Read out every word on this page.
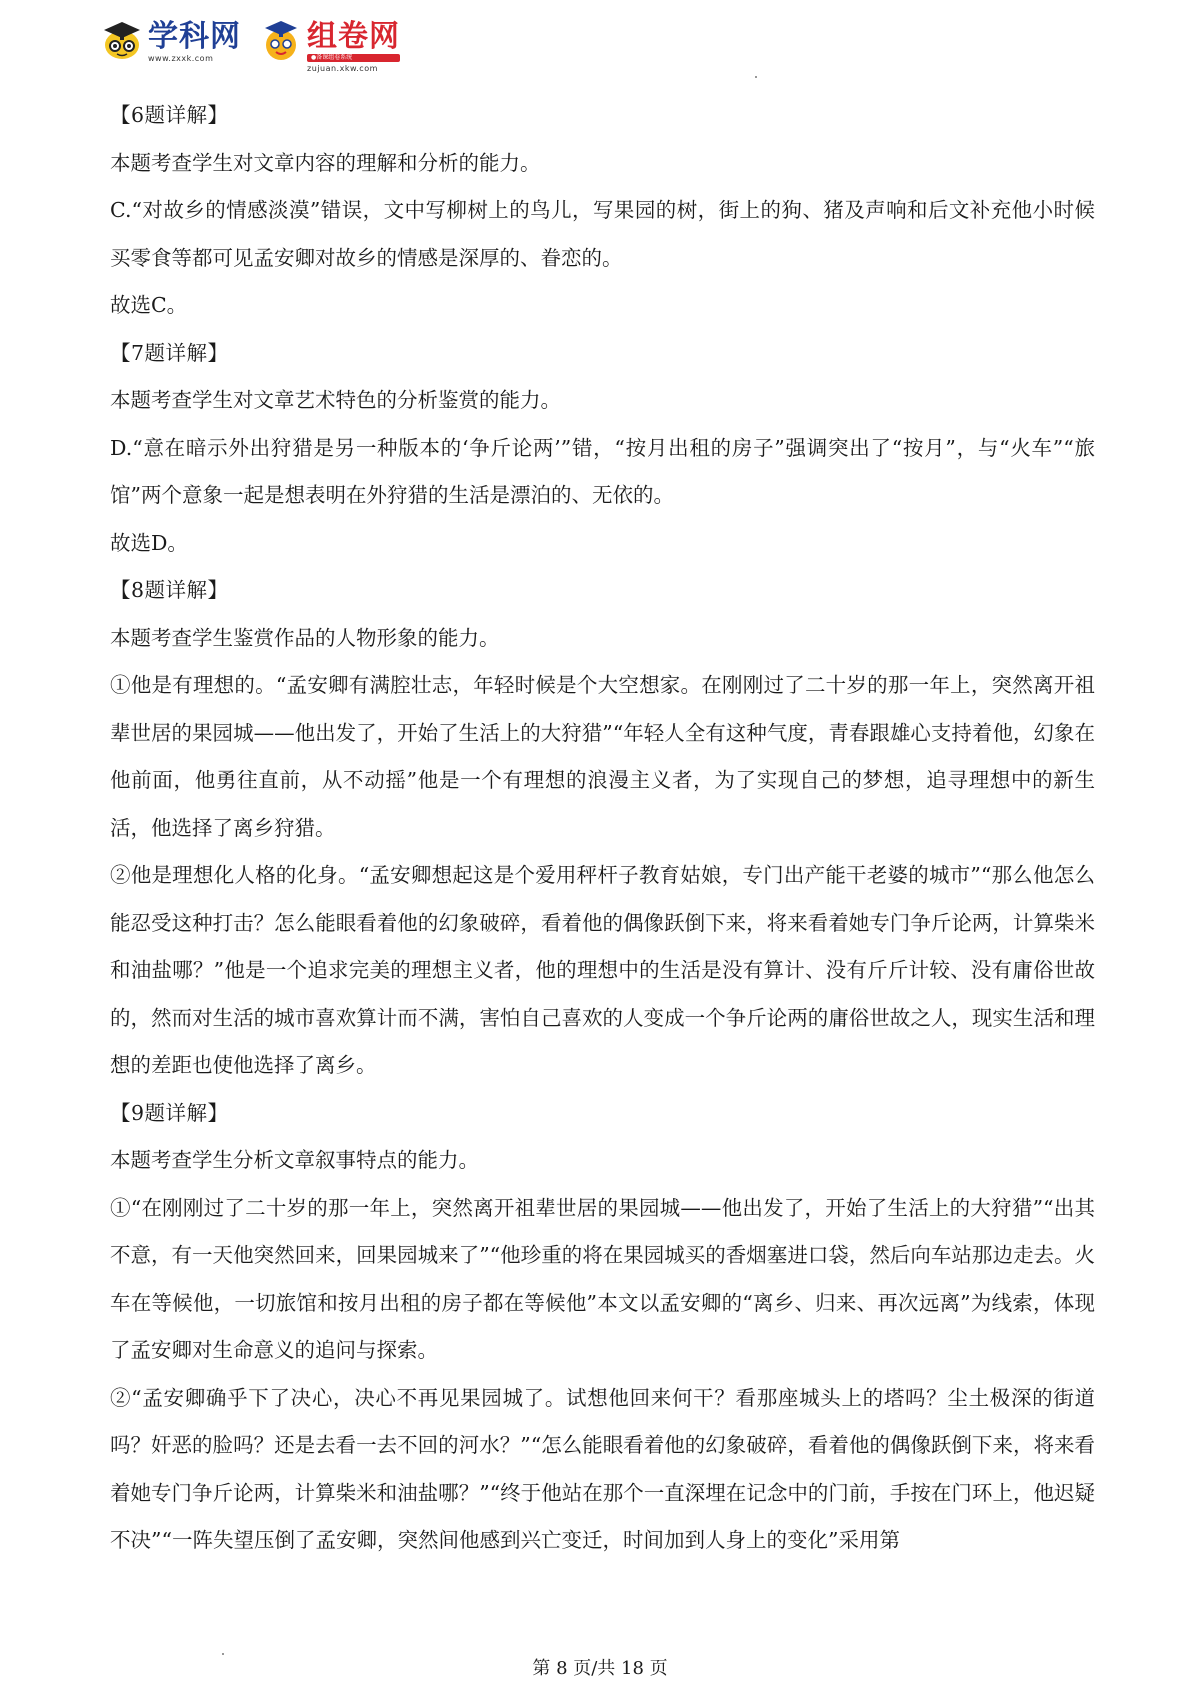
学科网
www.zxxk.com
组卷网
●备课组卷系统
zujuan.xkw.com

【6题详解】

本题考查学生对文章内容的理解和分析的能力。

C.“对故乡的情感淡漠”错误，文中写柳树上的鸟儿，写果园的树，街上的狗、猪及声响和后文补充他小时候买零食等都可见孟安卿对故乡的情感是深厚的、眷恋的。

故选C。

【7题详解】

本题考查学生对文章艺术特色的分析鉴赏的能力。

D.“意在暗示外出狩猎是另一种版本的‘争斤论两’”错，“按月出租的房子”强调突出了“按月”，与“火车”“旅馆”两个意象一起是想表明在外狩猎的生活是漂泊的、无依的。

故选D。

【8题详解】

本题考查学生鉴赏作品的人物形象的能力。

①他是有理想的。“孟安卿有满腔壮志，年轻时候是个大空想家。在刚刚过了二十岁的那一年上，突然离开祖辈世居的果园城——他出发了，开始了生活上的大狩猎”“年轻人全有这种气度，青春跟雄心支持着他，幻象在他前面，他勇往直前，从不动摇”他是一个有理想的浪漫主义者，为了实现自己的梦想，追寻理想中的新生活，他选择了离乡狩猎。

②他是理想化人格的化身。“孟安卿想起这是个爱用秤杆子教育姑娘，专门出产能干老婆的城市”“那么他怎么能忍受这种打击？怎么能眼看着他的幻象破碎，看着他的偶像跃倒下来，将来看着她专门争斤论两，计算柴米和油盐哪？”他是一个追求完美的理想主义者，他的理想中的生活是没有算计、没有斤斤计较、没有庸俗世故的，然而对生活的城市喜欢算计而不满，害怕自己喜欢的人变成一个争斤论两的庸俗世故之人，现实生活和理想的差距也使他选择了离乡。

【9题详解】

本题考查学生分析文章叙事特点的能力。

①“在刚刚过了二十岁的那一年上，突然离开祖辈世居的果园城——他出发了，开始了生活上的大狩猎”“出其不意，有一天他突然回来，回果园城来了”“他珍重的将在果园城买的香烟塞进口袋，然后向车站那边走去。火车在等候他，一切旅馆和按月出租的房子都在等候他”本文以孟安卿的“离乡、归来、再次远离”为线索，体现了孟安卿对生命意义的追问与探索。

②“孟安卿确乎下了决心，决心不再见果园城了。试想他回来何干？看那座城头上的塔吗？尘土极深的街道吗？奸恶的脸吗？还是去看一去不回的河水？”“怎么能眼看着他的幻象破碎，看着他的偶像跃倒下来，将来看着她专门争斤论两，计算柴米和油盐哪？”“终于他站在那个一直深埋在记念中的门前，手按在门环上，他迟疑不决”“一阵失望压倒了孟安卿，突然间他感到兴亡变迁，时间加到人身上的变化”采用第

第 8 页/共 18 页
